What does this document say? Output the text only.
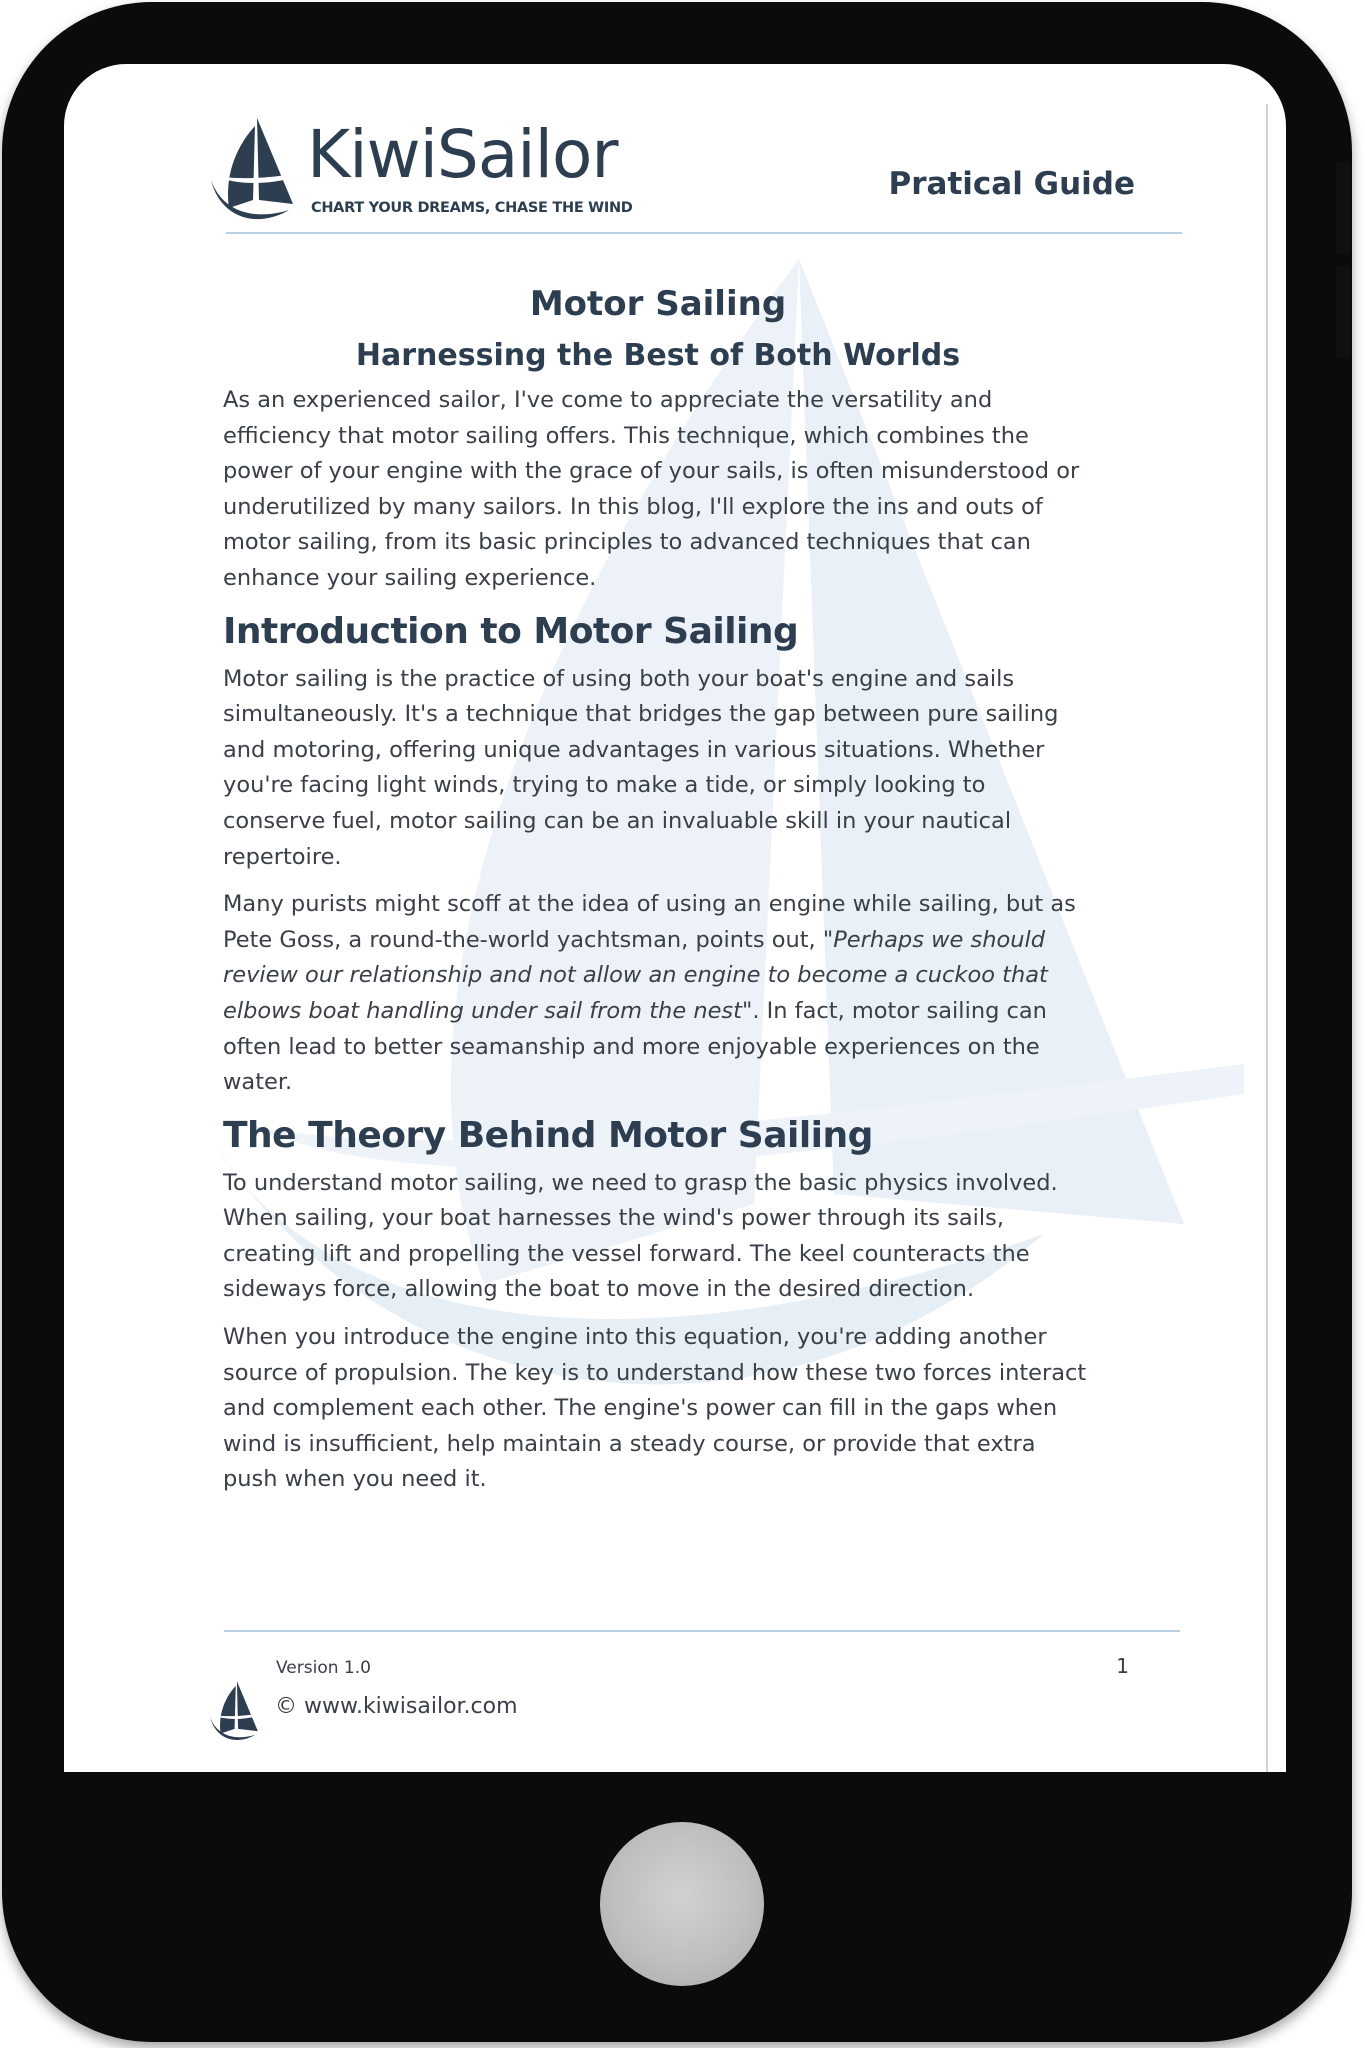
KiwiSailor
CHART YOUR DREAMS, CHASE THE WIND
Pratical Guide
Motor Sailing
Harnessing the Best of Both Worlds

As an experienced sailor, I've come to appreciate the versatility and efficiency that motor sailing offers. This technique, which combines the power of your engine with the grace of your sails, is often misunderstood or underutilized by many sailors. In this blog, I'll explore the ins and outs of motor sailing, from its basic principles to advanced techniques that can enhance your sailing experience.

Introduction to Motor Sailing

Motor sailing is the practice of using both your boat's engine and sails simultaneously. It's a technique that bridges the gap between pure sailing and motoring, offering unique advantages in various situations. Whether you're facing light winds, trying to make a tide, or simply looking to conserve fuel, motor sailing can be an invaluable skill in your nautical repertoire.

Many purists might scoff at the idea of using an engine while sailing, but as Pete Goss, a round-the-world yachtsman, points out, "Perhaps we should review our relationship and not allow an engine to become a cuckoo that elbows boat handling under sail from the nest". In fact, motor sailing can often lead to better seamanship and more enjoyable experiences on the water.

The Theory Behind Motor Sailing

To understand motor sailing, we need to grasp the basic physics involved. When sailing, your boat harnesses the wind's power through its sails, creating lift and propelling the vessel forward. The keel counteracts the sideways force, allowing the boat to move in the desired direction.

When you introduce the engine into this equation, you're adding another source of propulsion. The key is to understand how these two forces interact and complement each other. The engine's power can fill in the gaps when wind is insufficient, help maintain a steady course, or provide that extra push when you need it.

Version 1.0	1
© www.kiwisailor.com
